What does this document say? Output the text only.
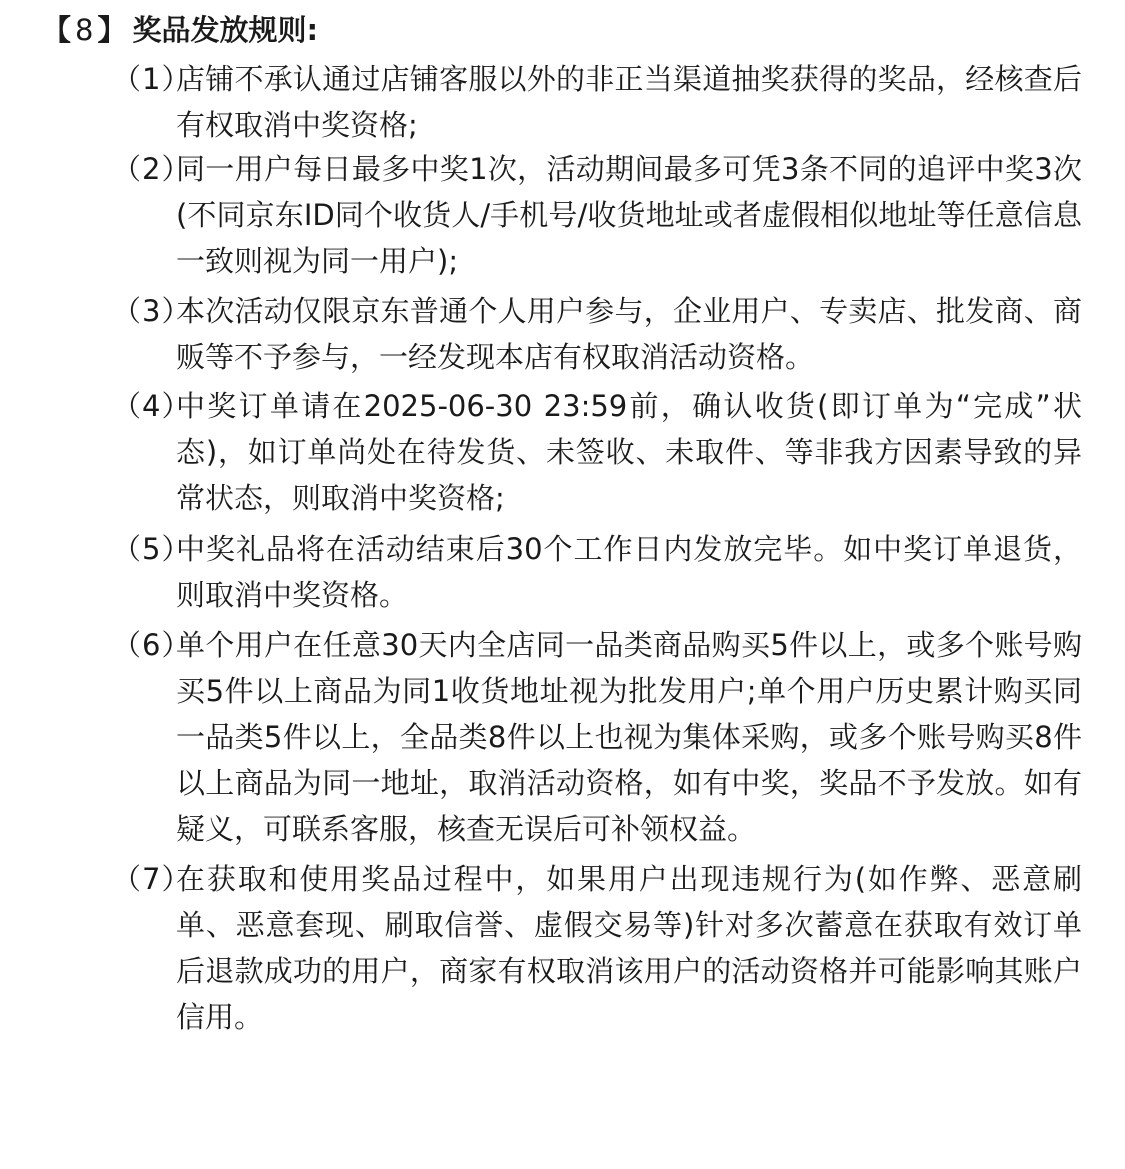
【 8 】 奖品发放规则:
（1）
店铺不承认通过店铺客服以外的非正当渠道抽奖获得的奖品，经核查后有权取消中奖资格;
（2）
同一用户每日最多中奖1次，活动期间最多可凭3条不同的追评中奖3次(不同京东ID同个收货人/手机号/收货地址或者虚假相似地址等任意信息一致则视为同一用户);
（3）
本次活动仅限京东普通个人用户参与，企业用户、专卖店、批发商、商贩等不予参与，一经发现本店有权取消活动资格。
（4）
中奖订单请在2025-06-30 23:59前，确认收货(即订单为“完成”状态)，如订单尚处在待发货、未签收、未取件、等非我方因素导致的异常状态，则取消中奖资格;
（5）
中奖礼品将在活动结束后30个工作日内发放完毕。如中奖订单退货，则取消中奖资格。
（6）
单个用户在任意30天内全店同一品类商品购买5件以上，或多个账号购买5件以上商品为同1收货地址视为批发用户;单个用户历史累计购买同一品类5件以上，全品类8件以上也视为集体采购，或多个账号购买8件以上商品为同一地址，取消活动资格，如有中奖，奖品不予发放。如有疑义，可联系客服，核查无误后可补领权益。
（7）
在获取和使用奖品过程中，如果用户出现违规行为(如作弊、恶意刷单、恶意套现、刷取信誉、虚假交易等)针对多次蓄意在获取有效订单后退款成功的用户，商家有权取消该用户的活动资格并可能影响其账户信用。
